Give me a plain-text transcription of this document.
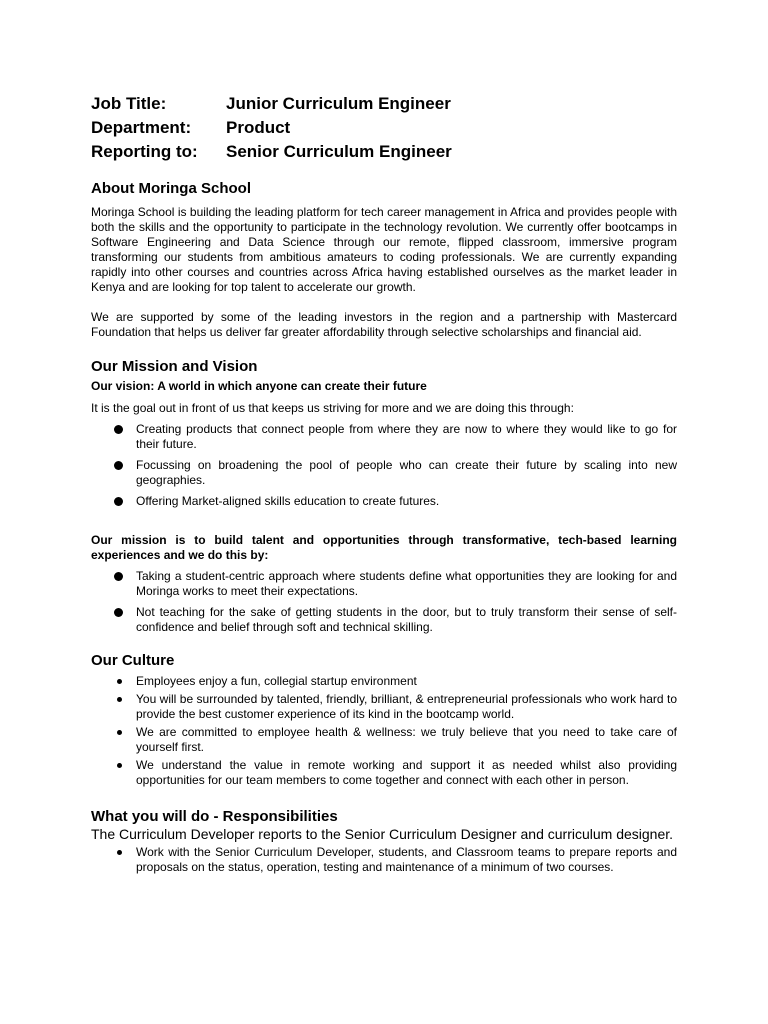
Job Title:	Junior Curriculum Engineer
Department:	Product
Reporting to:	Senior Curriculum Engineer
About Moringa School

Moringa School is building the leading platform for tech career management in Africa and provides people with both the skills and the opportunity to participate in the technology revolution. We currently offer bootcamps in Software Engineering and Data Science through our remote, flipped classroom, immersive program transforming our students from ambitious amateurs to coding professionals. We are currently expanding rapidly into other courses and countries across Africa having established ourselves as the market leader in Kenya and are looking for top talent to accelerate our growth.

We are supported by some of the leading investors in the region and a partnership with Mastercard Foundation that helps us deliver far greater affordability through selective scholarships and financial aid.

Our Mission and Vision

Our vision: A world in which anyone can create their future

It is the goal out in front of us that keeps us striving for more and we are doing this through:

Creating products that connect people from where they are now to where they would like to go for their future.
Focussing on broadening the pool of people who can create their future by scaling into new geographies.
Offering Market-aligned skills education to create futures.

Our mission is to build talent and opportunities through transformative, tech-based learning experiences and we do this by:

Taking a student-centric approach where students define what opportunities they are looking for and Moringa works to meet their expectations.
Not teaching for the sake of getting students in the door, but to truly transform their sense of self-confidence and belief through soft and technical skilling.
Our Culture
Employees enjoy a fun, collegial startup environment
You will be surrounded by talented, friendly, brilliant, & entrepreneurial professionals who work hard to provide the best customer experience of its kind in the bootcamp world.
We are committed to employee health & wellness: we truly believe that you need to take care of yourself first.
We understand the value in remote working and support it as needed whilst also providing opportunities for our team members to come together and connect with each other in person.
What you will do - Responsibilities

The Curriculum Developer reports to the Senior Curriculum Designer and curriculum designer.

Work with the Senior Curriculum Developer, students, and Classroom teams to prepare reports and proposals on the status, operation, testing and maintenance of a minimum of two courses.
